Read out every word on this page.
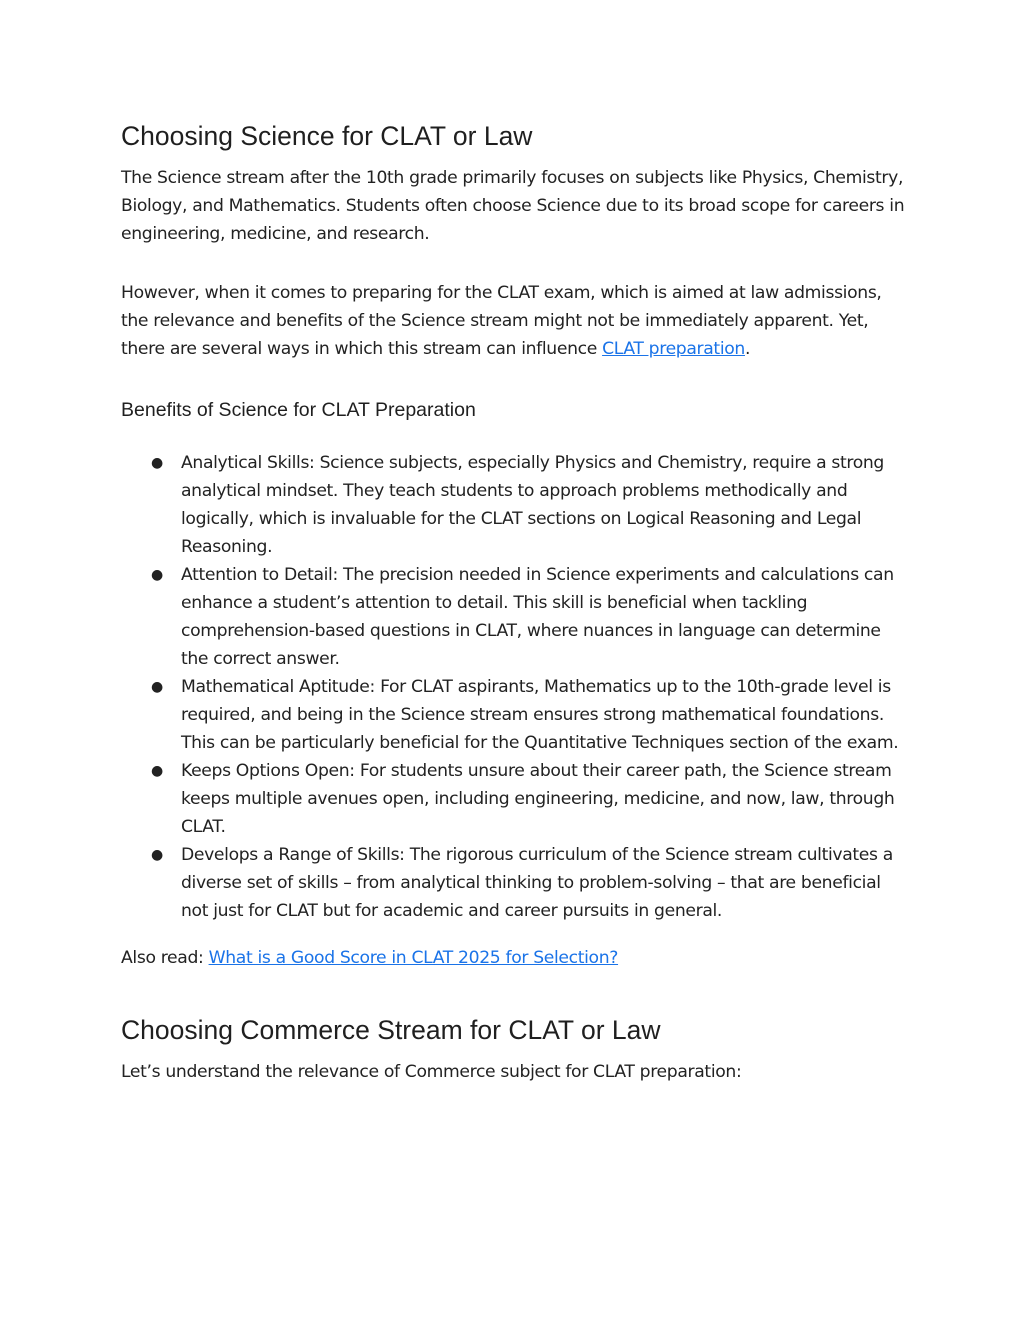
Choosing Science for CLAT or Law

The Science stream after the 10th grade primarily focuses on subjects like Physics, Chemistry, Biology, and Mathematics. Students often choose Science due to its broad scope for careers in engineering, medicine, and research.

However, when it comes to preparing for the CLAT exam, which is aimed at law admissions, the relevance and benefits of the Science stream might not be immediately apparent. Yet, there are several ways in which this stream can influence CLAT preparation.

Benefits of Science for CLAT Preparation
● Analytical Skills: Science subjects, especially Physics and Chemistry, require a strong analytical mindset. They teach students to approach problems methodically and logically, which is invaluable for the CLAT sections on Logical Reasoning and Legal Reasoning.
● Attention to Detail: The precision needed in Science experiments and calculations can enhance a student’s attention to detail. This skill is beneficial when tackling comprehension-based questions in CLAT, where nuances in language can determine the correct answer.
● Mathematical Aptitude: For CLAT aspirants, Mathematics up to the 10th-grade level is required, and being in the Science stream ensures strong mathematical foundations. This can be particularly beneficial for the Quantitative Techniques section of the exam.
● Keeps Options Open: For students unsure about their career path, the Science stream keeps multiple avenues open, including engineering, medicine, and now, law, through CLAT.
● Develops a Range of Skills: The rigorous curriculum of the Science stream cultivates a diverse set of skills – from analytical thinking to problem-solving – that are beneficial not just for CLAT but for academic and career pursuits in general.

Also read: What is a Good Score in CLAT 2025 for Selection?

Choosing Commerce Stream for CLAT or Law

Let’s understand the relevance of Commerce subject for CLAT preparation:
